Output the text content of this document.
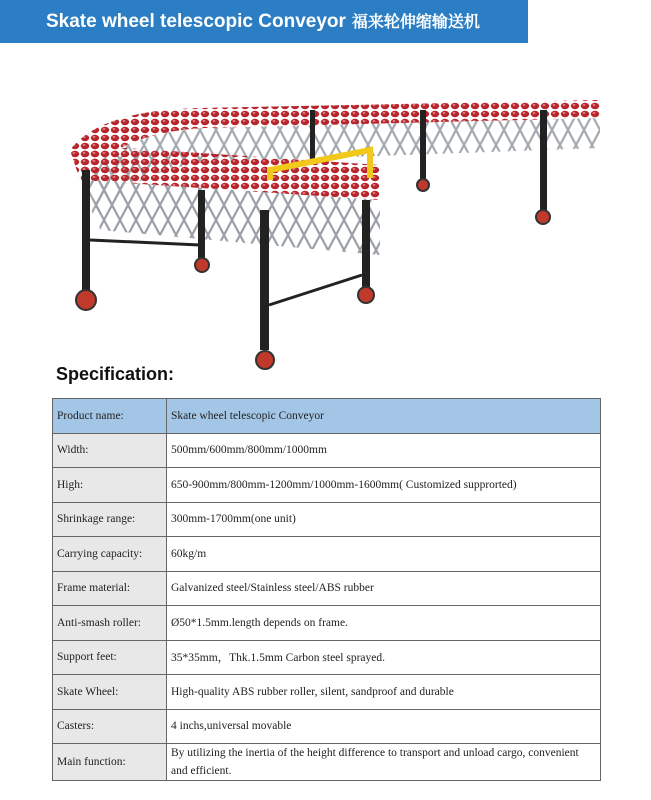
Skate wheel telescopic Conveyor 福来轮伸缩输送机
Specification:
Product name:	Skate wheel telescopic Conveyor
Width:	500mm/600mm/800mm/1000mm
High:	650-900mm/800mm-1200mm/1000mm-1600mm( Customized supprorted)
Shrinkage range:	300mm-1700mm(one unit)
Carrying capacity:	60kg/m
Frame material:	Galvanized steel/Stainless steel/ABS rubber
Anti-smash roller:	Ø50*1.5mm.length depends on frame.
Support feet:	35*35mm，Thk.1.5mm Carbon steel sprayed.
Skate Wheel:	High-quality ABS rubber roller, silent, sandproof and durable
Casters:	4 inchs,universal movable
Main function:	By utilizing the inertia of the height difference to transport and unload cargo, convenient and efficient.
